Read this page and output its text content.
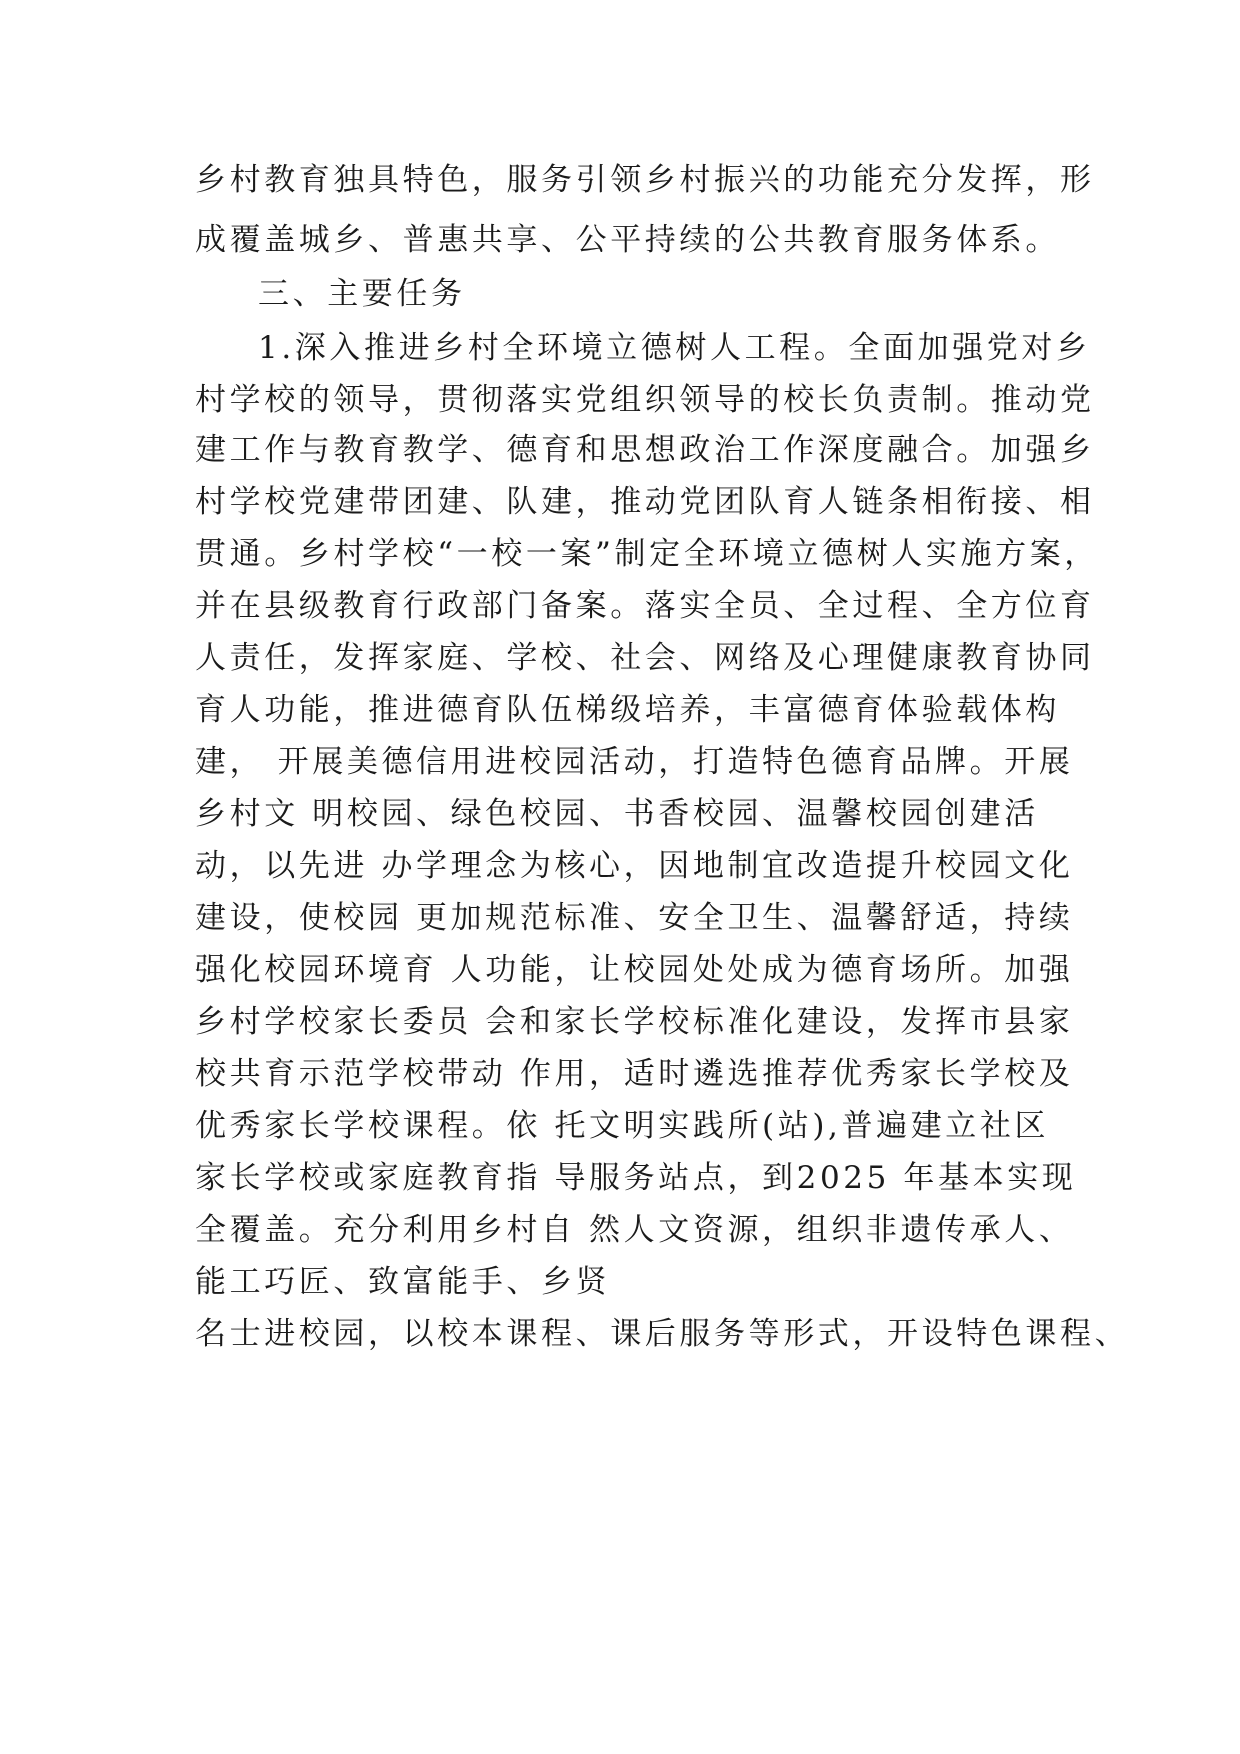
乡村教育独具特色，服务引领乡村振兴的功能充分发挥，形
成覆盖城乡、普惠共享、公平持续的公共教育服务体系。
三、主要任务
1.深入推进乡村全环境立德树人工程。全面加强党对乡
村学校的领导，贯彻落实党组织领导的校长负责制。推动党
建工作与教育教学、德育和思想政治工作深度融合。加强乡
村学校党建带团建、队建，推动党团队育人链条相衔接、相
贯通。乡村学校“一校一案”制定全环境立德树人实施方案，
并在县级教育行政部门备案。落实全员、全过程、全方位育
人责任，发挥家庭、学校、社会、网络及心理健康教育协同
育人功能，推进德育队伍梯级培养，丰富德育体验载体构
建， 开展美德信用进校园活动，打造特色德育品牌。开展
乡村文 明校园、绿色校园、书香校园、温馨校园创建活
动，以先进 办学理念为核心，因地制宜改造提升校园文化
建设，使校园 更加规范标准、安全卫生、温馨舒适，持续
强化校园环境育 人功能，让校园处处成为德育场所。加强
乡村学校家长委员 会和家长学校标准化建设，发挥市县家
校共育示范学校带动 作用，适时遴选推荐优秀家长学校及
优秀家长学校课程。依 托文明实践所(站),普遍建立社区
家长学校或家庭教育指 导服务站点，到2025 年基本实现
全覆盖。充分利用乡村自 然人文资源，组织非遗传承人、
能工巧匠、致富能手、乡贤
名士进校园，以校本课程、课后服务等形式，开设特色课程、
